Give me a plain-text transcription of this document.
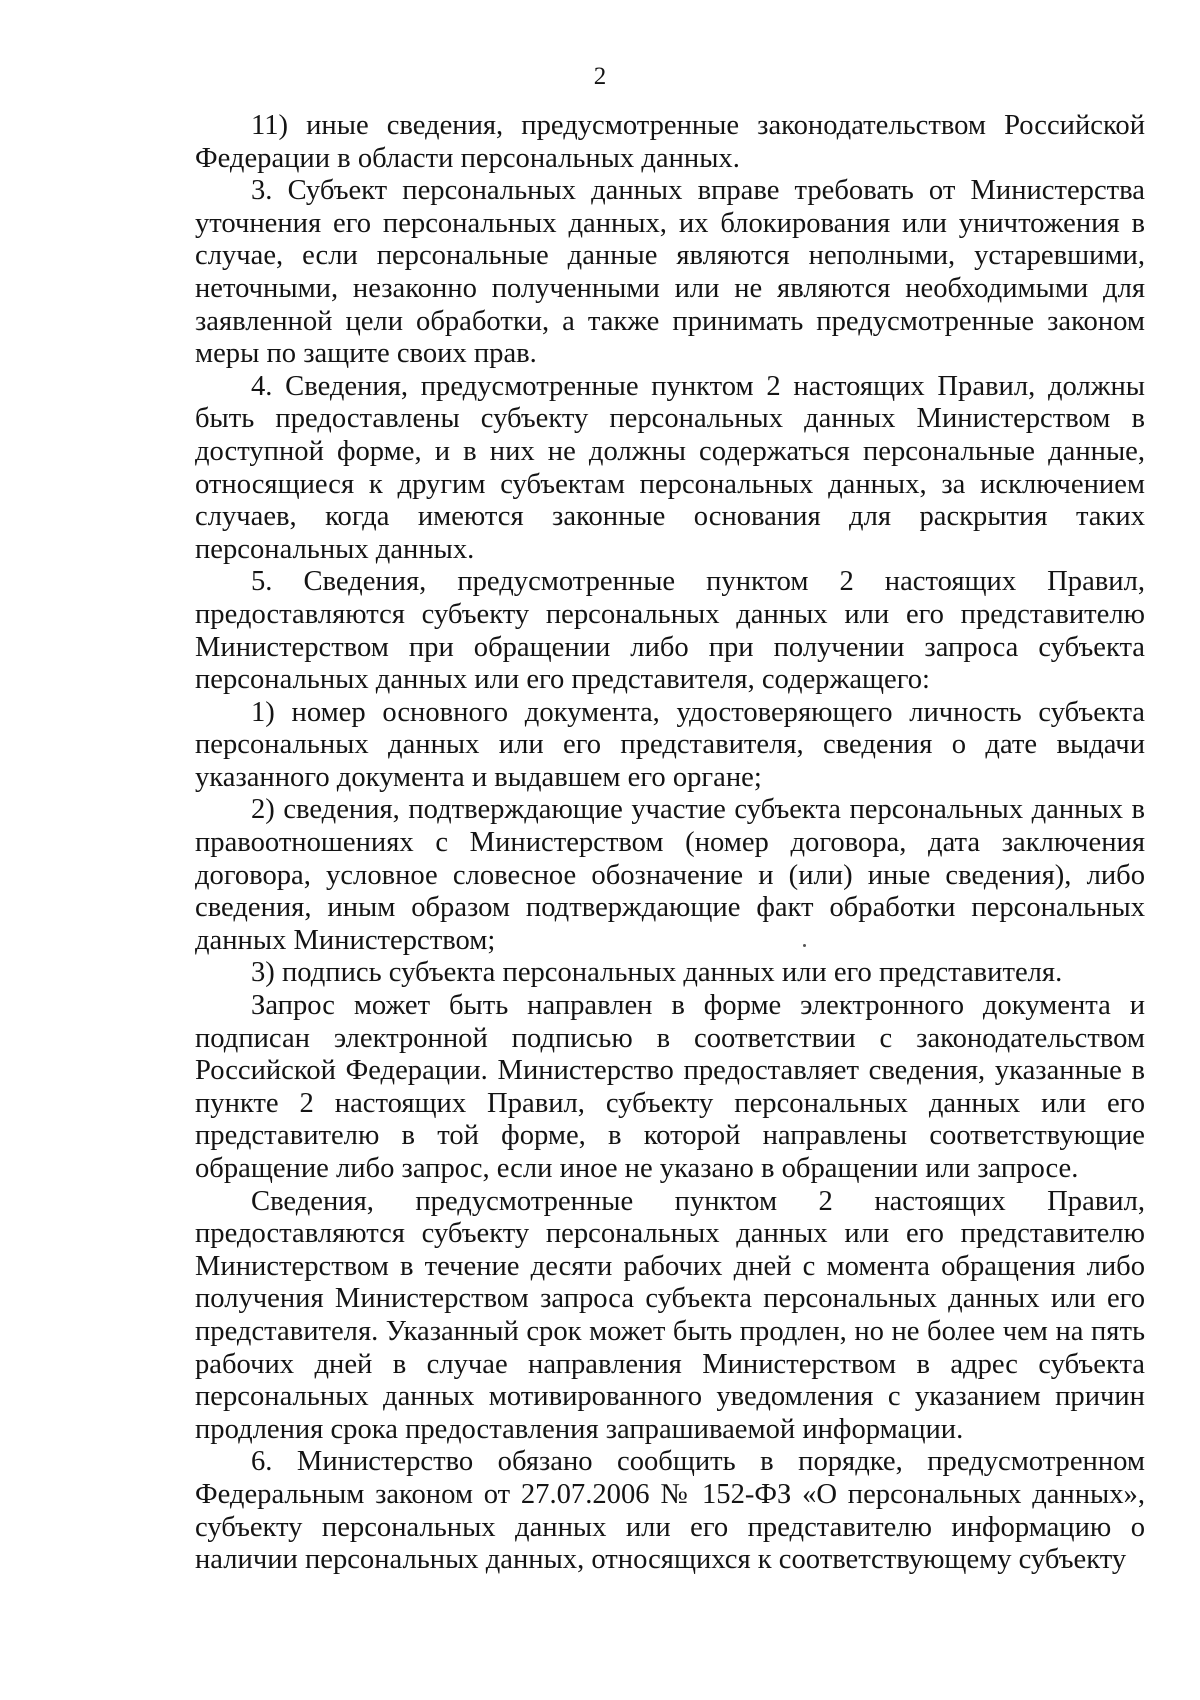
2

11) иные сведения, предусмотренные законодательством Российской Федерации в области персональных данных.

3. Субъект персональных данных вправе требовать от Министерства уточнения его персональных данных, их блокирования или уничтожения в случае, если персональные данные являются неполными, устаревшими, неточными, незаконно полученными или не являются необходимыми для заявленной цели обработки, а также принимать предусмотренные законом меры по защите своих прав.

4. Сведения, предусмотренные пунктом 2 настоящих Правил, должны быть предоставлены субъекту персональных данных Министерством в доступной форме, и в них не должны содержаться персональные данные, относящиеся к другим субъектам персональных данных, за исключением случаев, когда имеются законные основания для раскрытия таких персональных данных.

5. Сведения, предусмотренные пунктом 2 настоящих Правил, предоставляются субъекту персональных данных или его представителю Министерством при обращении либо при получении запроса субъекта персональных данных или его представителя, содержащего:

1) номер основного документа, удостоверяющего личность субъекта персональных данных или его представителя, сведения о дате выдачи указанного документа и выдавшем его органе;

2) сведения, подтверждающие участие субъекта персональных данных в правоотношениях с Министерством (номер договора, дата заключения договора, условное словесное обозначение и (или) иные сведения), либо сведения, иным образом подтверждающие факт обработки персональных данных Министерством;

3) подпись субъекта персональных данных или его представителя.

Запрос может быть направлен в форме электронного документа и подписан электронной подписью в соответствии с законодательством Российской Федерации. Министерство предоставляет сведения, указанные в пункте 2 настоящих Правил, субъекту персональных данных или его представителю в той форме, в которой направлены соответствующие обращение либо запрос, если иное не указано в обращении или запросе.

Сведения, предусмотренные пунктом 2 настоящих Правил, предоставляются субъекту персональных данных или его представителю Министерством в течение десяти рабочих дней с момента обращения либо получения Министерством запроса субъекта персональных данных или его представителя. Указанный срок может быть продлен, но не более чем на пять рабочих дней в случае направления Министерством в адрес субъекта персональных данных мотивированного уведомления с указанием причин продления срока предоставления запрашиваемой информации.

6. Министерство обязано сообщить в порядке, предусмотренном Федеральным законом от 27.07.2006 № 152-ФЗ «О персональных данных», субъекту персональных данных или его представителю информацию о наличии персональных данных, относящихся к соответствующему субъекту
